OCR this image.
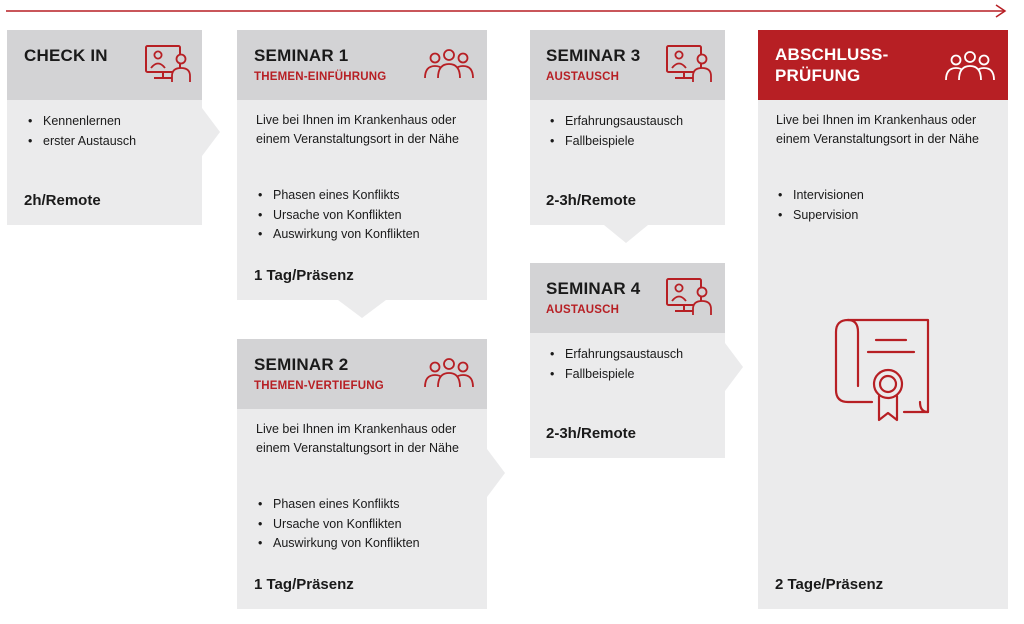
CHECK IN
• Kennenlernen
• erster Austausch
2h/Remote
SEMINAR 1
THEMEN-EINFÜHRUNG
Live bei Ihnen im Krankenhaus oder einem Veranstaltungsort in der Nähe
• Phasen eines Konflikts
• Ursache von Konflikten
• Auswirkung von Konflikten
1 Tag/Präsenz
SEMINAR 2
THEMEN-VERTIEFUNG
Live bei Ihnen im Krankenhaus oder einem Veranstaltungsort in der Nähe
• Phasen eines Konflikts
• Ursache von Konflikten
• Auswirkung von Konflikten
1 Tag/Präsenz
SEMINAR 3
AUSTAUSCH
• Erfahrungsaustausch
• Fallbeispiele
2-3h/Remote
SEMINAR 4
AUSTAUSCH
• Erfahrungsaustausch
• Fallbeispiele
2-3h/Remote
ABSCHLUSS-
PRÜFUNG
Live bei Ihnen im Krankenhaus oder einem Veranstaltungsort in der Nähe
• Intervisionen
• Supervision
2 Tage/Präsenz
